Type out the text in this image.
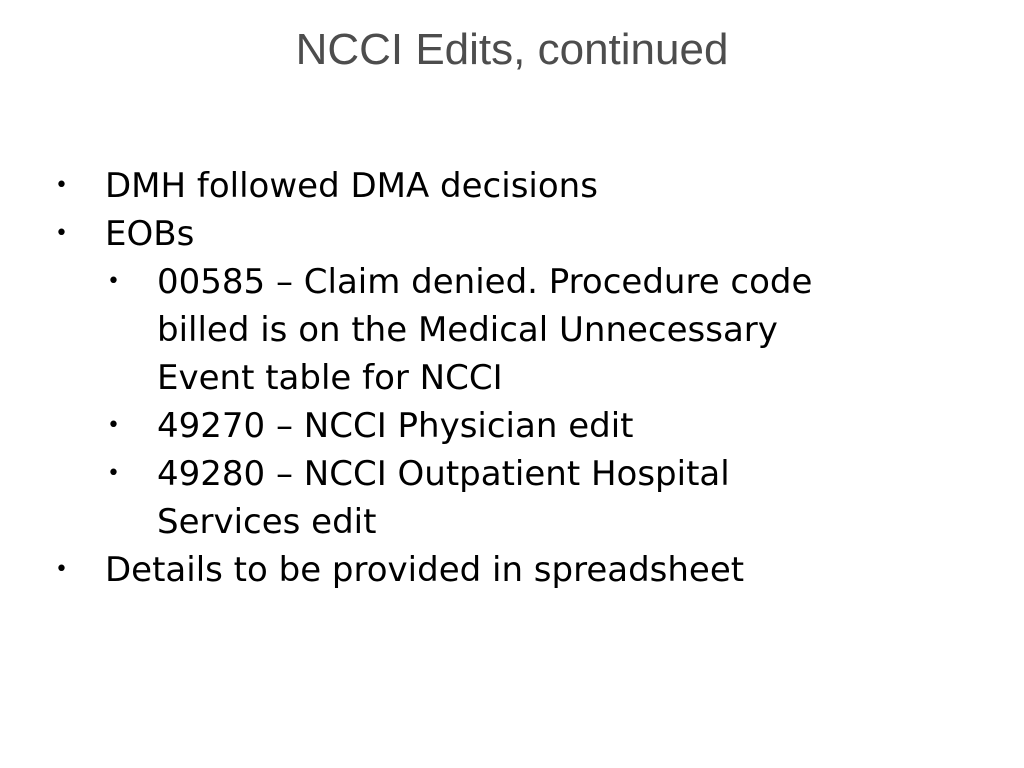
NCCI Edits, continued
• DMH followed DMA decisions
• EOBs
• 00585 – Claim denied. Procedure code
billed is on the Medical Unnecessary
Event table for NCCI
• 49270 – NCCI Physician edit
• 49280 – NCCI Outpatient Hospital
Services edit
• Details to be provided in spreadsheet
